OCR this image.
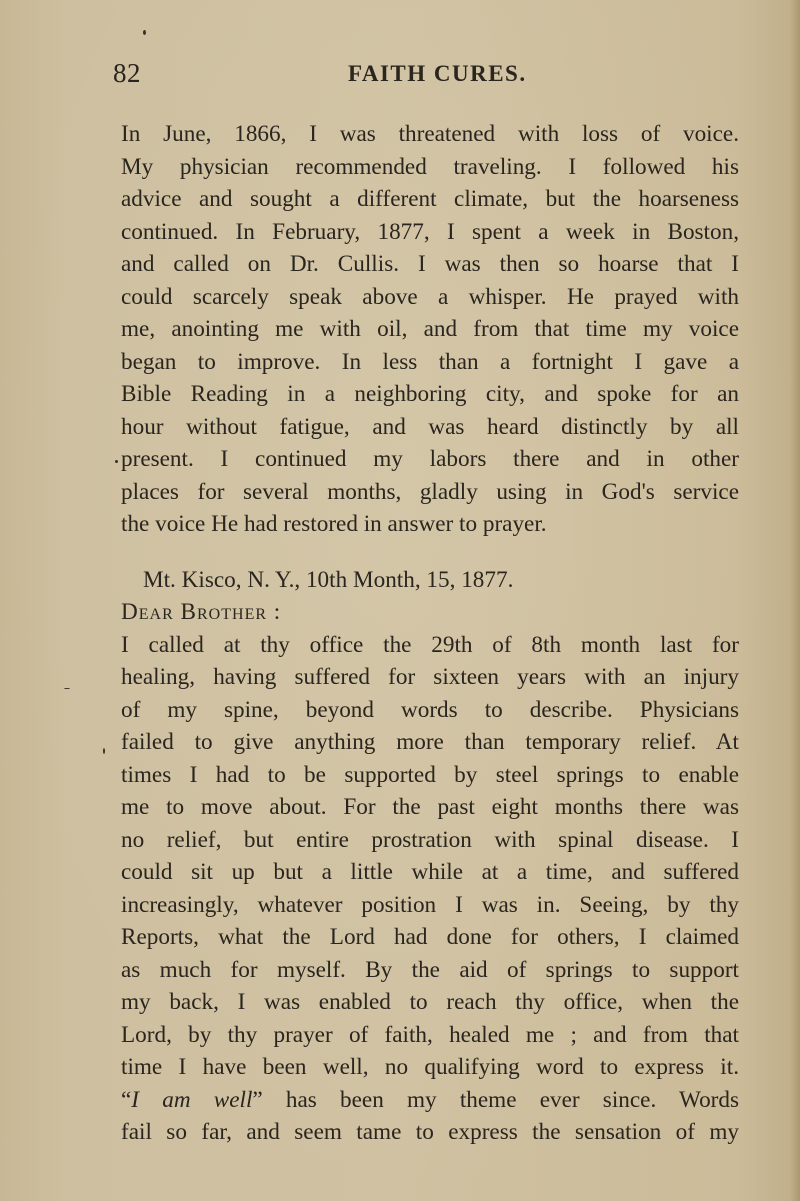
82	FAITH CURES.
In June, 1866, I was threatened with loss of voice.
My physician recommended traveling. I followed his
advice and sought a different climate, but the hoarseness
continued. In February, 1877, I spent a week in Boston,
and called on Dr. Cullis. I was then so hoarse that I
could scarcely speak above a whisper. He prayed with
me, anointing me with oil, and from that time my voice
began to improve. In less than a fortnight I gave a
Bible Reading in a neighboring city, and spoke for an
hour without fatigue, and was heard distinctly by all
present. I continued my labors there and in other
places for several months, gladly using in God's service
the voice He had restored in answer to prayer.
Mt. Kisco, N. Y., 10th Month, 15, 1877.
Dear Brother :
I called at thy office the 29th of 8th month last for
healing, having suffered for sixteen years with an injury
of my spine, beyond words to describe. Physicians
failed to give anything more than temporary relief. At
times I had to be supported by steel springs to enable
me to move about. For the past eight months there was
no relief, but entire prostration with spinal disease. I
could sit up but a little while at a time, and suffered
increasingly, whatever position I was in. Seeing, by thy
Reports, what the Lord had done for others, I claimed
as much for myself. By the aid of springs to support
my back, I was enabled to reach thy office, when the
Lord, by thy prayer of faith, healed me ; and from that
time I have been well, no qualifying word to express it.
“I am well” has been my theme ever since. Words
fail so far, and seem tame to express the sensation of my
